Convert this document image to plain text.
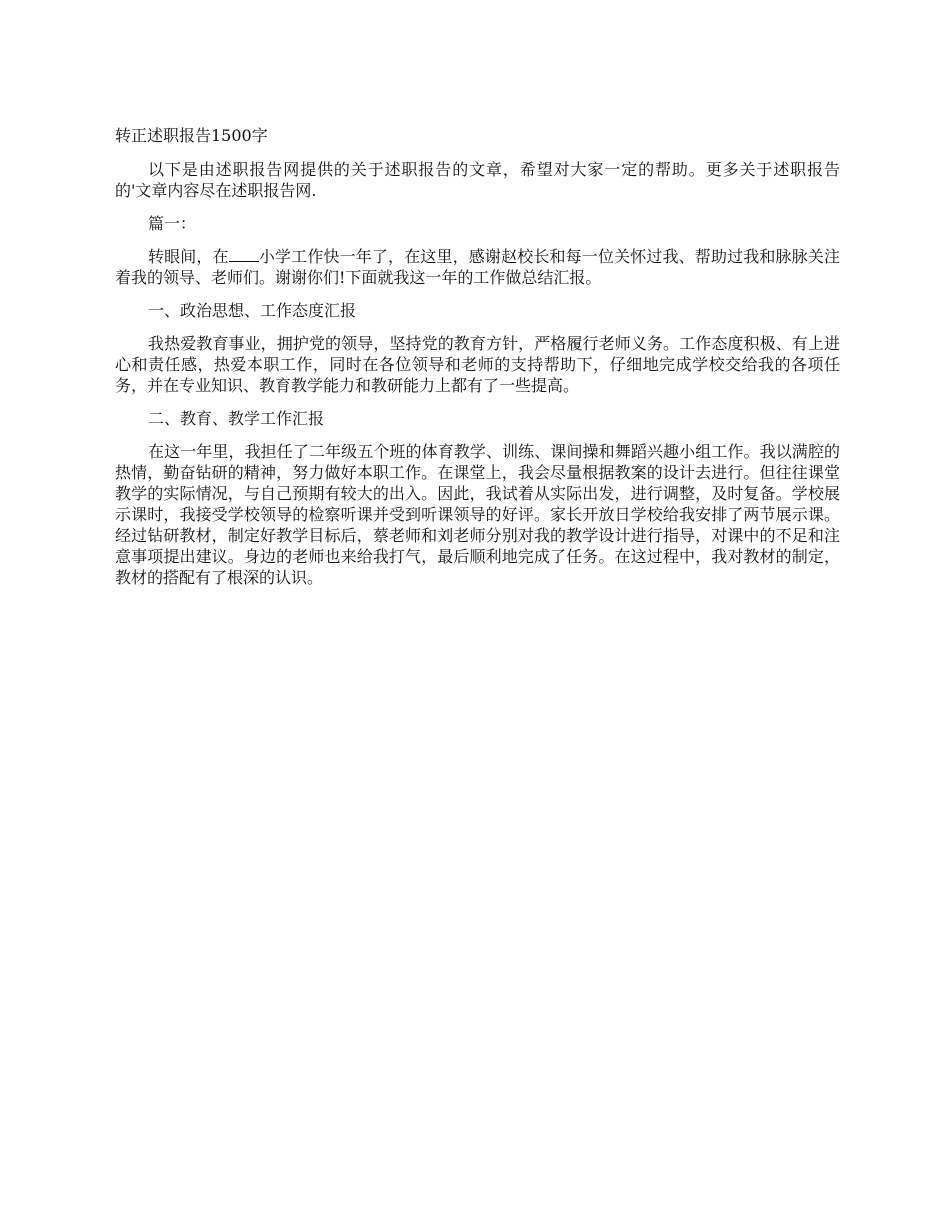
转正述职报告1500字

以下是由述职报告网提供的关于述职报告的文章，希望对大家一定的帮助。更多关于述职报告的'文章内容尽在述职报告网.

篇一：

转眼间，在 小学工作快一年了，在这里，感谢赵校长和每一位关怀过我、帮助过我和脉脉关注着我的领导、老师们。谢谢你们!下面就我这一年的工作做总结汇报。

一、政治思想、工作态度汇报

我热爱教育事业，拥护党的领导，坚持党的教育方针，严格履行老师义务。工作态度积极、有上进心和责任感，热爱本职工作，同时在各位领导和老师的支持帮助下，仔细地完成学校交给我的各项任务，并在专业知识、教育教学能力和教研能力上都有了一些提高。

二、教育、教学工作汇报

在这一年里，我担任了二年级五个班的体育教学、训练、课间操和舞蹈兴趣小组工作。我以满腔的热情，勤奋钻研的精神，努力做好本职工作。在课堂上，我会尽量根据教案的设计去进行。但往往课堂教学的实际情况，与自己预期有较大的出入。因此，我试着从实际出发，进行调整，及时复备。学校展示课时，我接受学校领导的检察听课并受到听课领导的好评。家长开放日学校给我安排了两节展示课。经过钻研教材，制定好教学目标后，蔡老师和刘老师分别对我的教学设计进行指导，对课中的不足和注意事项提出建议。身边的老师也来给我打气，最后顺利地完成了任务。在这过程中，我对教材的制定，教材的搭配有了根深的认识。
